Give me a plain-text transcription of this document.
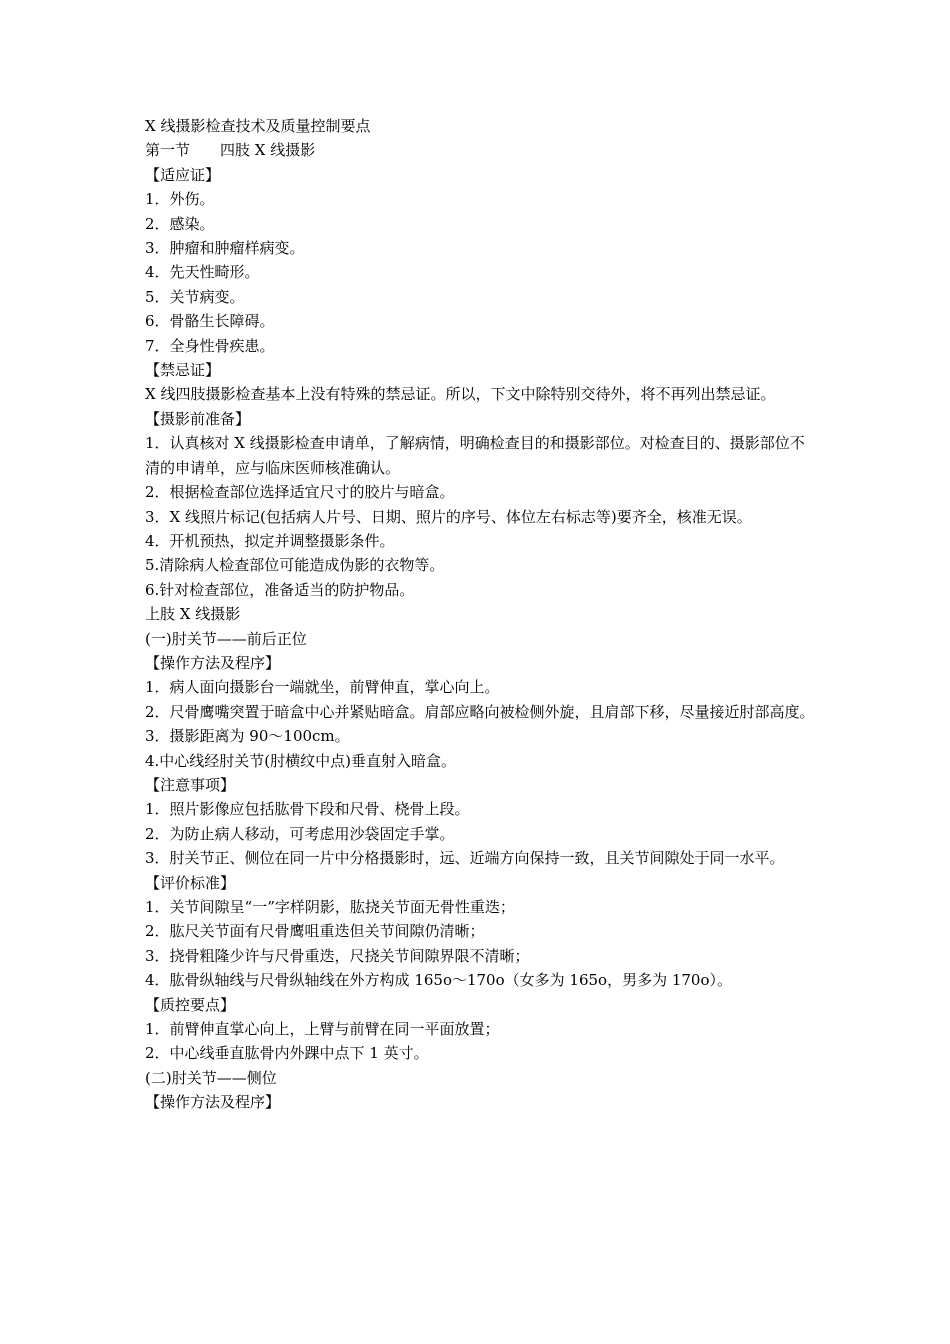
X 线摄影检查技术及质量控制要点
第一节 四肢 X 线摄影
【适应证】
1．外伤。
2．感染。
3．肿瘤和肿瘤样病变。
4．先天性畸形。
5．关节病变。
6．骨骼生长障碍。
7．全身性骨疾患。
【禁忌证】
X 线四肢摄影检查基本上没有特殊的禁忌证。所以，下文中除特别交待外，将不再列出禁忌证。
【摄影前准备】
1．认真核对 X 线摄影检查申请单，了解病情，明确检查目的和摄影部位。对检查目的、摄影部位不清的申请单，应与临床医师核准确认。
2．根据检查部位选择适宜尺寸的胶片与暗盒。
3．X 线照片标记(包括病人片号、日期、照片的序号、体位左右标志等)要齐全，核准无误。
4．开机预热，拟定并调整摄影条件。
5.清除病人检查部位可能造成伪影的衣物等。
6.针对检查部位，准备适当的防护物品。
上肢 X 线摄影
(一)肘关节——前后正位
【操作方法及程序】
1．病人面向摄影台一端就坐，前臂伸直，掌心向上。
2．尺骨鹰嘴突置于暗盒中心并紧贴暗盒。肩部应略向被检侧外旋，且肩部下移，尽量接近肘部高度。
3．摄影距离为 90～100cm。
4.中心线经肘关节(肘横纹中点)垂直射入暗盒。
【注意事项】
1．照片影像应包括肱骨下段和尺骨、桡骨上段。
2．为防止病人移动，可考虑用沙袋固定手掌。
3．肘关节正、侧位在同一片中分格摄影时，远、近端方向保持一致，且关节间隙处于同一水平。
【评价标准】
1．关节间隙呈“一”字样阴影，肱挠关节面无骨性重迭；
2．肱尺关节面有尺骨鹰咀重迭但关节间隙仍清晰；
3．挠骨粗隆少许与尺骨重迭，尺挠关节间隙界限不清晰；
4．肱骨纵轴线与尺骨纵轴线在外方构成 165o～170o（女多为 165o，男多为 170o）。
【质控要点】
1．前臂伸直掌心向上，上臂与前臂在同一平面放置；
2．中心线垂直肱骨内外踝中点下 1 英寸。
(二)肘关节——侧位
【操作方法及程序】
